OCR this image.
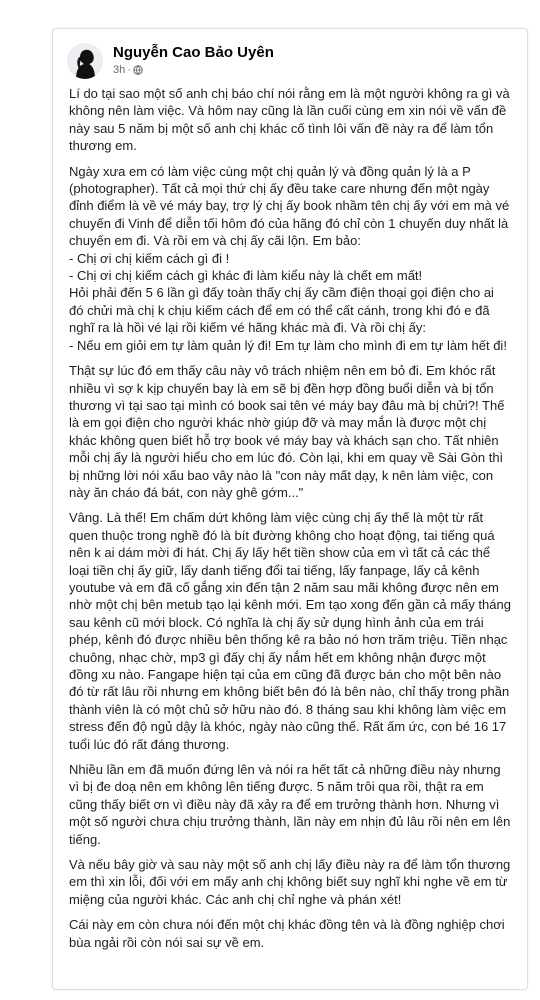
Nguyễn Cao Bảo Uyên
3h ·

Lí do tại sao một số anh chị báo chí nói rằng em là một người không ra gì và không nên làm việc. Và hôm nay cũng là lần cuối cùng em xin nói về vấn đề này sau 5 năm bị một số anh chị khác cố tình lôi vấn đề này ra để làm tổn thương em.

Ngày xưa em có làm việc cùng một chị quản lý và đồng quản lý là a P (photographer). Tất cả mọi thứ chị ấy đều take care nhưng đến một ngày đỉnh điểm là về vé máy bay, trợ lý chị ấy book nhầm tên chị ấy với em mà vé chuyến đi Vinh để diễn tối hôm đó của hãng đó chỉ còn 1 chuyến duy nhất là chuyến em đi. Và rồi em và chị ấy cãi lộn. Em bảo:
- Chị ơi chị kiếm cách gì đi !
- Chị ơi chị kiếm cách gì khác đi làm kiểu này là chết em mất!
Hỏi phải đến 5 6 lần gì đấy toàn thấy chị ấy cầm điện thoại gọi điện cho ai đó chửi mà chị k chịu kiếm cách để em có thể cất cánh, trong khi đó e đã nghĩ ra là hồi vé lại rồi kiếm vé hãng khác mà đi. Và rồi chị ấy:
- Nếu em giỏi em tự làm quản lý đi! Em tự làm cho mình đi em tự làm hết đi!

Thật sự lúc đó em thấy câu này vô trách nhiệm nên em bỏ đi. Em khóc rất nhiều vì sợ k kịp chuyến bay là em sẽ bị đền hợp đồng buổi diễn và bị tổn thương vì tại sao tại mình có book sai tên vé máy bay đâu mà bị chửi?! Thế là em gọi điện cho người khác nhờ giúp đỡ và may mắn là được một chị khác không quen biết hỗ trợ book vé máy bay và khách sạn cho. Tất nhiên mỗi chị ấy là người hiểu cho em lúc đó. Còn lại, khi em quay về Sài Gòn thì bị những lời nói xấu bao vây nào là "con này mất dạy, k nên làm việc, con này ăn cháo đá bát, con này ghê gớm..."

Vâng. Là thế! Em chấm dứt không làm việc cùng chị ấy thế là một từ rất quen thuộc trong nghề đó là bít đường không cho hoạt động, tai tiếng quá nên k ai dám mời đi hát. Chị ấy lấy hết tiền show của em vì tất cả các thể loại tiền chị ấy giữ, lấy danh tiếng đổi tai tiếng, lấy fanpage, lấy cả kênh youtube và em đã cố gắng xin đến tận 2 năm sau mãi không được nên em nhờ một chị bên metub tạo lại kênh mới. Em tạo xong đến gần cả mấy tháng sau kênh cũ mới block. Có nghĩa là chị ấy sử dụng hình ảnh của em trái phép, kênh đó được nhiều bên thống kê ra bảo nó hơn trăm triệu. Tiền nhạc chuông, nhạc chờ, mp3 gì đấy chị ấy nắm hết em không nhận được một đồng xu nào. Fangape hiện tại của em cũng đã được bán cho một bên nào đó từ rất lâu rồi nhưng em không biết bên đó là bên nào, chỉ thấy trong phần thành viên là có một chủ sở hữu nào đó. 8 tháng sau khi không làm việc em stress đến độ ngủ dậy là khóc, ngày nào cũng thế. Rất ấm ức, con bé 16 17 tuổi lúc đó rất đáng thương.

Nhiều lần em đã muốn đứng lên và nói ra hết tất cả những điều này nhưng vì bị đe doạ nên em không lên tiếng được. 5 năm trôi qua rồi, thật ra em cũng thấy biết ơn vì điều này đã xảy ra để em trưởng thành hơn. Nhưng vì một số người chưa chịu trưởng thành, lần này em nhịn đủ lâu rồi nên em lên tiếng.

Và nếu bây giờ và sau này một số anh chị lấy điều này ra để làm tổn thương em thì xin lỗi, đối với em mấy anh chị không biết suy nghĩ khi nghe về em từ miệng của người khác. Các anh chị chỉ nghe và phán xét!

Cái này em còn chưa nói đến một chị khác đồng tên và là đồng nghiệp chơi bùa ngải rồi còn nói sai sự về em.
